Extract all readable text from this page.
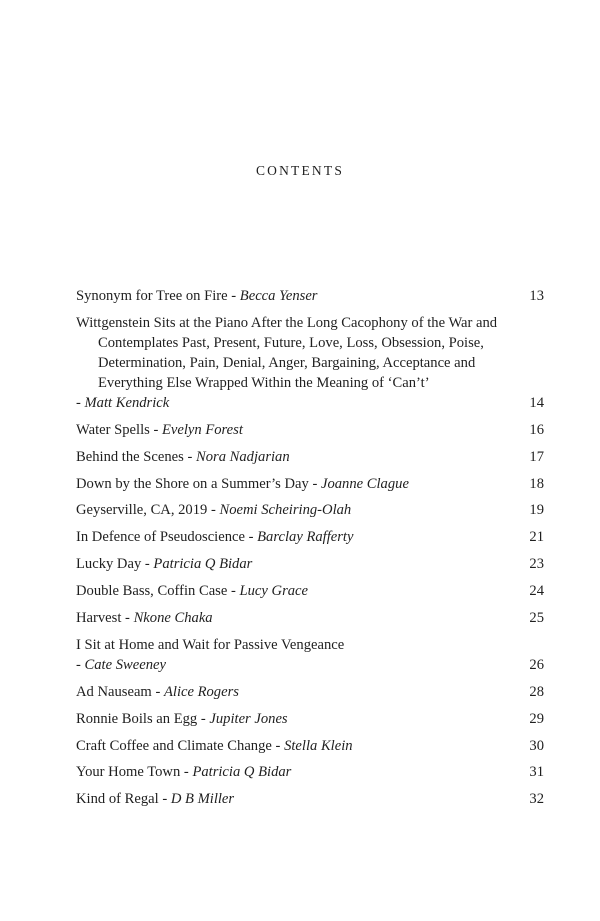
CONTENTS
Synonym for Tree on Fire - Becca Yenser	13
Wittgenstein Sits at the Piano After the Long Cacophony of the War and Contemplates Past, Present, Future, Love, Loss, Obsession, Poise, Determination, Pain, Denial, Anger, Bargaining, Acceptance and Everything Else Wrapped Within the Meaning of ‘Can’t’
- Matt Kendrick	14
Water Spells - Evelyn Forest	16
Behind the Scenes - Nora Nadjarian	17
Down by the Shore on a Summer’s Day - Joanne Clague	18
Geyserville, CA, 2019 - Noemi Scheiring-Olah	19
In Defence of Pseudoscience - Barclay Rafferty	21
Lucky Day - Patricia Q Bidar	23
Double Bass, Coffin Case - Lucy Grace	24
Harvest - Nkone Chaka	25
I Sit at Home and Wait for Passive Vengeance
- Cate Sweeney	26
Ad Nauseam - Alice Rogers	28
Ronnie Boils an Egg - Jupiter Jones	29
Craft Coffee and Climate Change - Stella Klein	30
Your Home Town - Patricia Q Bidar	31
Kind of Regal - D B Miller	32
